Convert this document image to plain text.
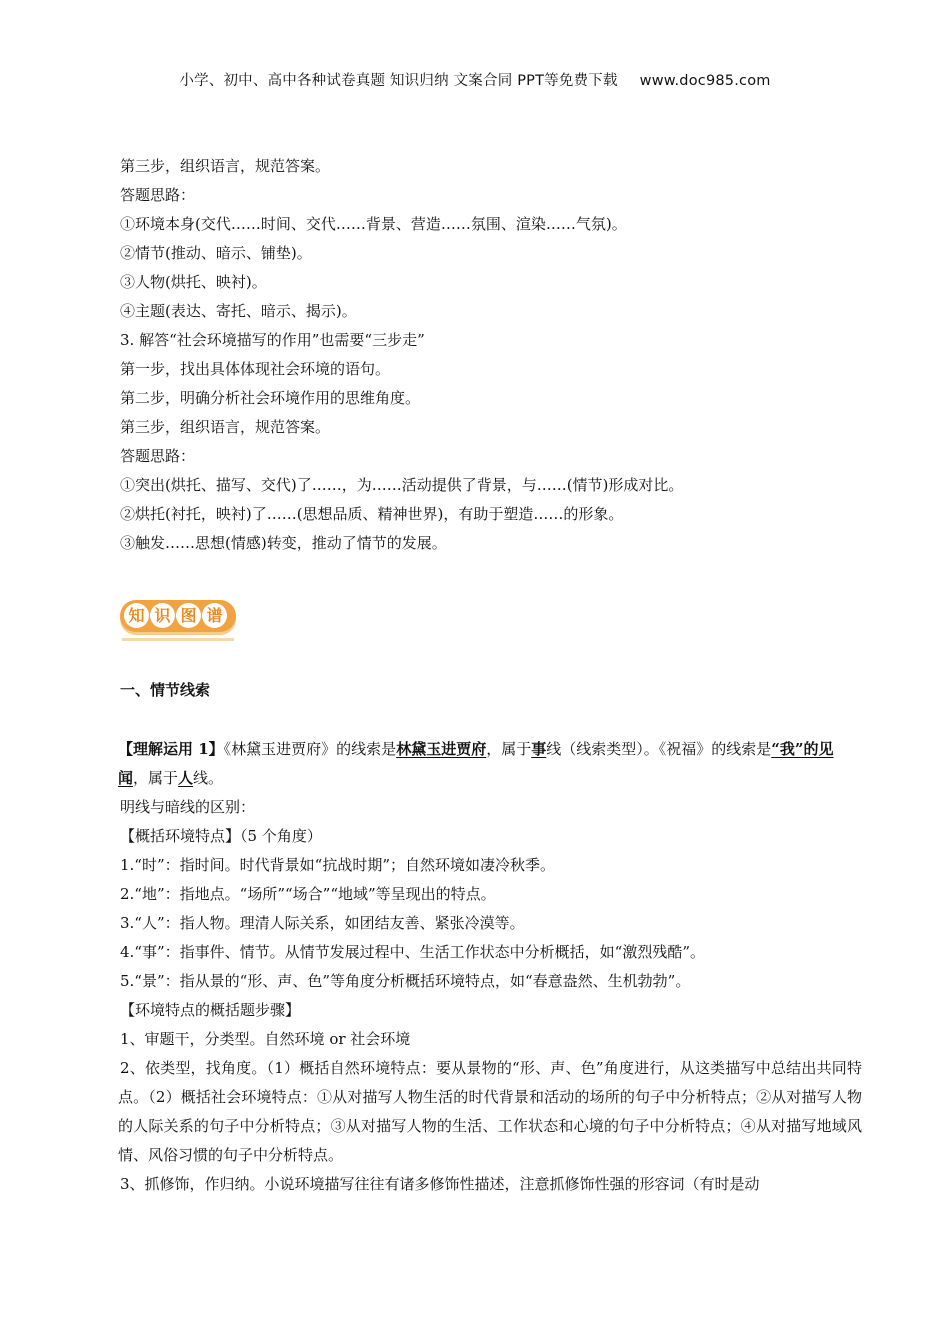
小学、初中、高中各种试卷真题 知识归纳 文案合同 PPT等免费下载 www.doc985.com
第三步，组织语言，规范答案。
答题思路：
①环境本身(交代……时间、交代……背景、营造……氛围、渲染……气氛)。
②情节(推动、暗示、铺垫)。
③人物(烘托、映衬)。
④主题(表达、寄托、暗示、揭示)。
3. 解答“社会环境描写的作用”也需要“三步走”
第一步，找出具体体现社会环境的语句。
第二步，明确分析社会环境作用的思维角度。
第三步，组织语言，规范答案。
答题思路：
①突出(烘托、描写、交代)了……，为……活动提供了背景，与……(情节)形成对比。
②烘托(衬托，映衬)了……(思想品质、精神世界)，有助于塑造……的形象。
③触发……思想(情感)转变，推动了情节的发展。
知 识 图 谱
一、情节线索
【理解运用 1】《林黛玉进贾府》的线索是林黛玉进贾府，属于事线（线索类型）。《祝福》的线索是“我”的见闻，属于人线。
明线与暗线的区别：
【概括环境特点】（5 个角度）
1.“时”：指时间。时代背景如“抗战时期”；自然环境如凄冷秋季。
2.“地”：指地点。“场所”“场合”“地域”等呈现出的特点。
3.“人”：指人物。理清人际关系，如团结友善、紧张冷漠等。
4.“事”：指事件、情节。从情节发展过程中、生活工作状态中分析概括，如“激烈残酷”。
5.“景”：指从景的“形、声、色”等角度分析概括环境特点，如“春意盎然、生机勃勃”。
【环境特点的概括题步骤】
1、审题干，分类型。自然环境 or 社会环境
2、依类型，找角度。（1）概括自然环境特点：要从景物的“形、声、色”角度进行，从这类描写中总结出共同特点。（2）概括社会环境特点：①从对描写人物生活的时代背景和活动的场所的句子中分析特点；②从对描写人物的人际关系的句子中分析特点；③从对描写人物的生活、工作状态和心境的句子中分析特点；④从对描写地域风情、风俗习惯的句子中分析特点。
3、抓修饰，作归纳。小说环境描写往往有诸多修饰性描述，注意抓修饰性强的形容词（有时是动
